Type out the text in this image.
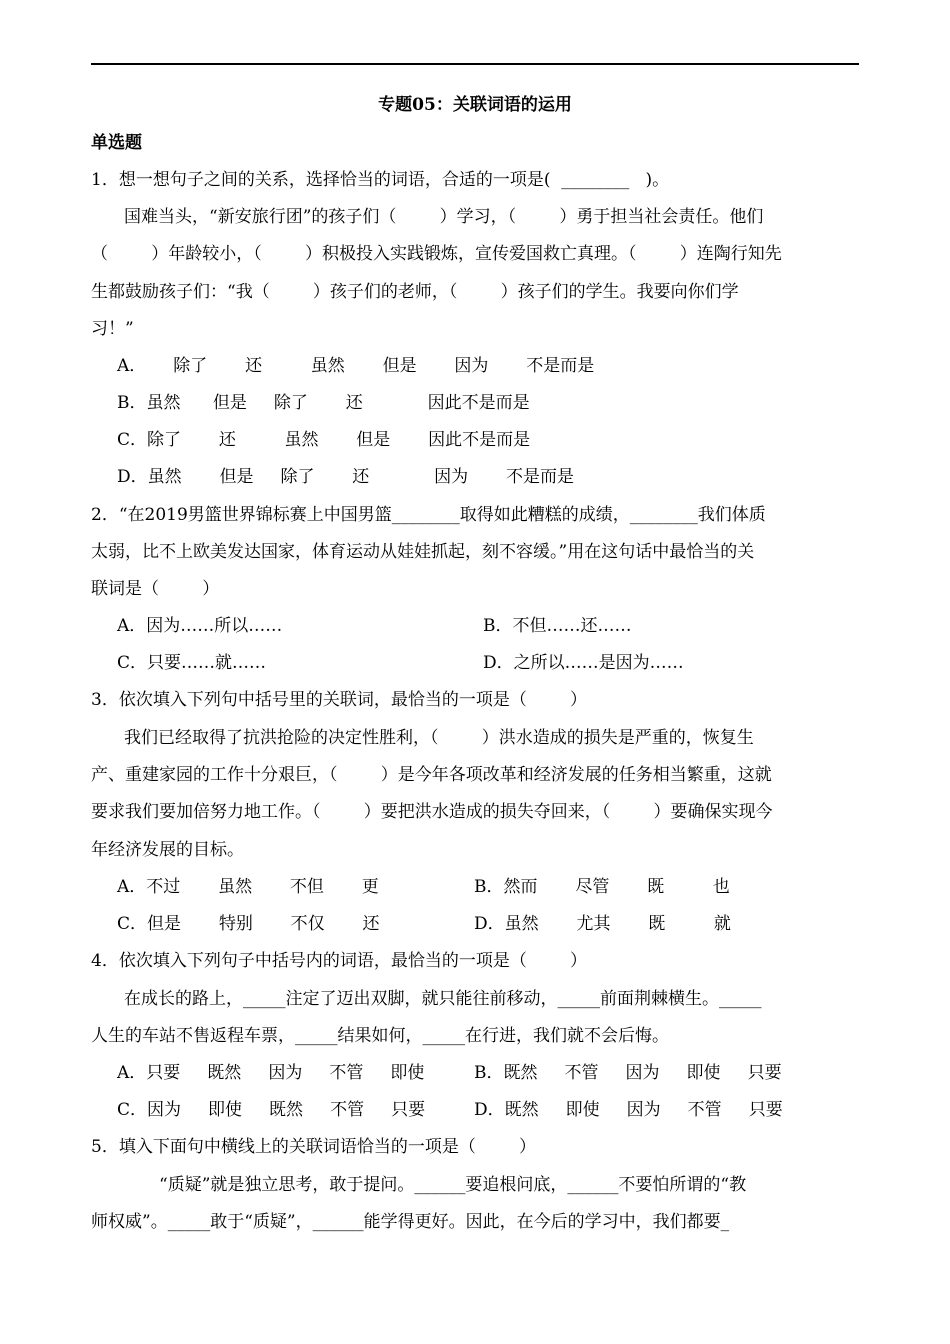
专题05：关联词语的运用
单选题
1．想一想句子之间的关系，选择恰当的词语，合适的一项是(  ________   )。
国难当头，“新安旅行团”的孩子们（        ）学习，（        ）勇于担当社会责任。他们
（        ）年龄较小，（        ）积极投入实践锻炼，宣传爱国救亡真理。（        ）连陶行知先
生都鼓励孩子们：“我（        ）孩子们的老师，（        ）孩子们的学生。我要向你们学
习！”
A．     除了       还         虽然       但是       因为       不是而是
B．虽然      但是     除了       还            因此不是而是
C．除了       还         虽然       但是       因此不是而是
D．虽然       但是     除了       还            因为       不是而是
2．“在2019男篮世界锦标赛上中国男篮________取得如此糟糕的成绩，________我们体质
太弱，比不上欧美发达国家，体育运动从娃娃抓起，刻不容缓。”用在这句话中最恰当的关
联词是（        ）
A．因为……所以……	B．不但……还……
C．只要……就……	D．之所以……是因为……
3．依次填入下列句中括号里的关联词，最恰当的一项是（        ）
我们已经取得了抗洪抢险的决定性胜利，（        ）洪水造成的损失是严重的，恢复生
产、重建家园的工作十分艰巨，（        ）是今年各项改革和经济发展的任务相当繁重，这就
要求我们要加倍努力地工作。（        ）要把洪水造成的损失夺回来，（        ）要确保实现今
年经济发展的目标。
A．不过       虽然       不但       更	B．然而       尽管       既         也
C．但是       特别       不仅       还	D．虽然       尤其       既         就
4．依次填入下列句子中括号内的词语，最恰当的一项是（        ）
在成长的路上，_____注定了迈出双脚，就只能往前移动，_____前面荆棘横生。_____
人生的车站不售返程车票，_____结果如何，_____在行进，我们就不会后悔。
A．只要     既然     因为     不管     即使	B．既然     不管     因为     即使     只要
C．因为     即使     既然     不管     只要	D．既然     即使     因为     不管     只要
5．填入下面句中横线上的关联词语恰当的一项是（        ）
“质疑”就是独立思考，敢于提问。______要追根问底，______不要怕所谓的“教
师权威”。_____敢于“质疑”，______能学得更好。因此，在今后的学习中，我们都要_
